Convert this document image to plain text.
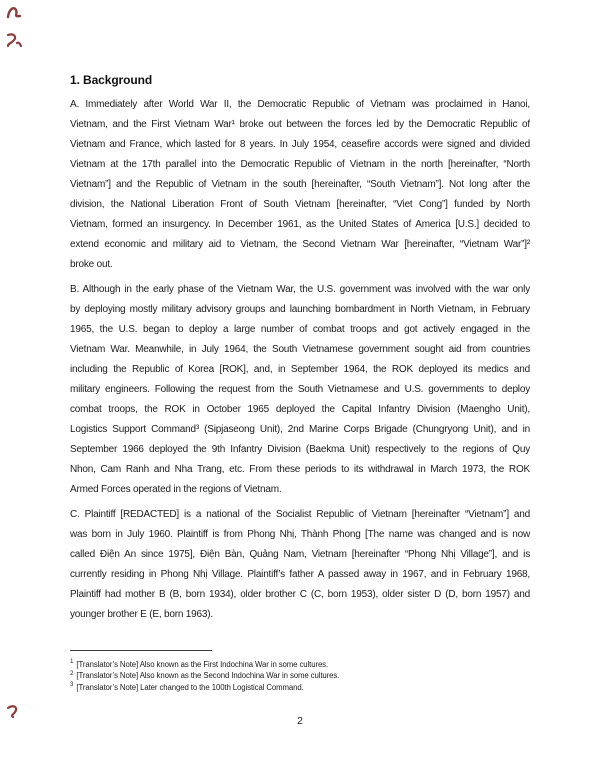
1. Background
A. Immediately after World War II, the Democratic Republic of Vietnam was proclaimed in Hanoi,
Vietnam, and the First Vietnam War¹ broke out between the forces led by the Democratic Republic of
Vietnam and France, which lasted for 8 years. In July 1954, ceasefire accords were signed and divided
Vietnam at the 17th parallel into the Democratic Republic of Vietnam in the north [hereinafter, “North
Vietnam”] and the Republic of Vietnam in the south [hereinafter, “South Vietnam”]. Not long after the
division, the National Liberation Front of South Vietnam [hereinafter, “Viet Cong”] funded by North
Vietnam, formed an insurgency. In December 1961, as the United States of America [U.S.] decided to
extend economic and military aid to Vietnam, the Second Vietnam War [hereinafter, “Vietnam War”]²
broke out.
B. Although in the early phase of the Vietnam War, the U.S. government was involved with the war only
by deploying mostly military advisory groups and launching bombardment in North Vietnam, in February
1965, the U.S. began to deploy a large number of combat troops and got actively engaged in the
Vietnam War. Meanwhile, in July 1964, the South Vietnamese government sought aid from countries
including the Republic of Korea [ROK], and, in September 1964, the ROK deployed its medics and
military engineers. Following the request from the South Vietnamese and U.S. governments to deploy
combat troops, the ROK in October 1965 deployed the Capital Infantry Division (Maengho Unit),
Logistics Support Command³ (Sipjaseong Unit), 2nd Marine Corps Brigade (Chungryong Unit), and in
September 1966 deployed the 9th Infantry Division (Baekma Unit) respectively to the regions of Quy
Nhon, Cam Ranh and Nha Trang, etc. From these periods to its withdrawal in March 1973, the ROK
Armed Forces operated in the regions of Vietnam.
C. Plaintiff [REDACTED] is a national of the Socialist Republic of Vietnam [hereinafter “Vietnam”] and
was born in July 1960. Plaintiff is from Phong Nhị, Thành Phong [The name was changed and is now
called Điện An since 1975], Điện Bàn, Quảng Nam, Vietnam [hereinafter “Phong Nhị Village”], and is
currently residing in Phong Nhị Village. Plaintiff’s father A passed away in 1967, and in February 1968,
Plaintiff had mother B (B, born 1934), older brother C (C, born 1953), older sister D (D, born 1957) and
younger brother E (E, born 1963).
$^1$ [Translator’s Note] Also known as the First Indochina War in some cultures.
$^2$ [Translator’s Note] Also known as the Second Indochina War in some cultures.
$^3$ [Translator’s Note] Later changed to the 100th Logistical Command.
2
